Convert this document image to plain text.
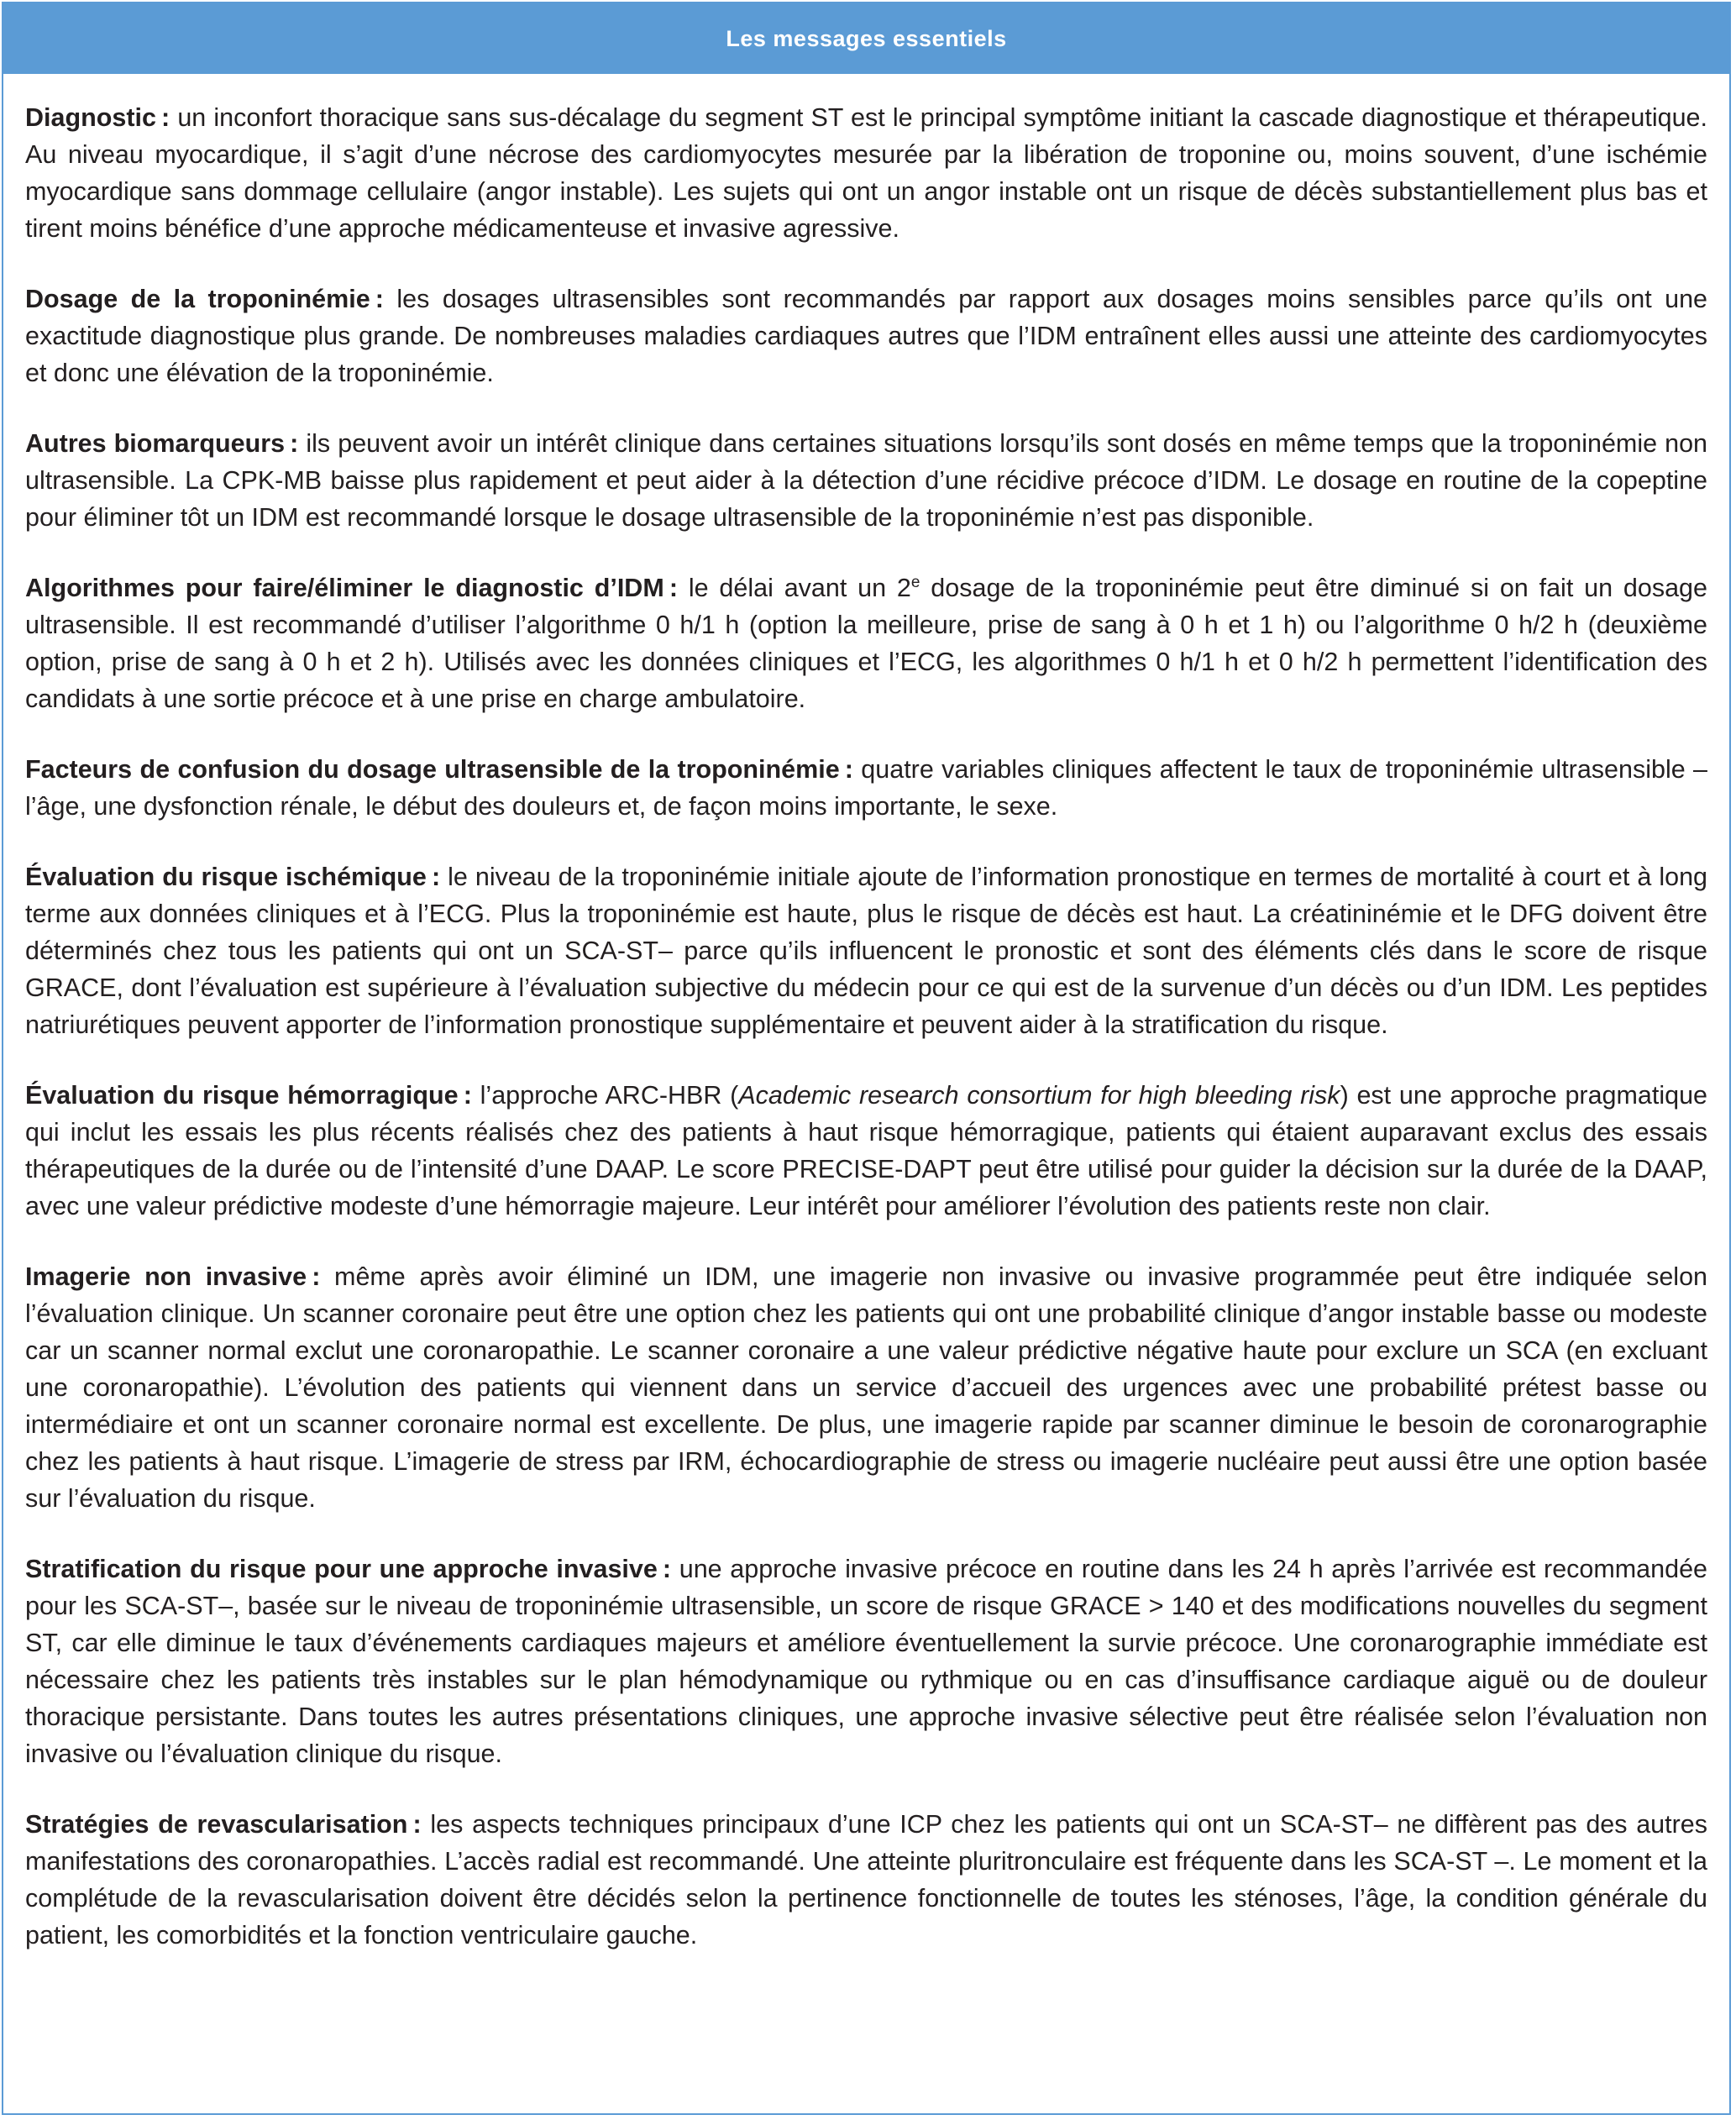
Les messages essentiels

Diagnostic : un inconfort thoracique sans sus-décalage du segment ST est le principal symptôme initiant la cascade diagnostique et thérapeutique. Au niveau myocardique, il s’agit d’une nécrose des cardiomyocytes mesurée par la libération de troponine ou, moins souvent, d’une ischémie myocardique sans dommage cellulaire (angor instable). Les sujets qui ont un angor instable ont un risque de décès substantiellement plus bas et tirent moins bénéfice d’une approche médicamenteuse et invasive agressive.

Dosage de la troponinémie : les dosages ultrasensibles sont recommandés par rapport aux dosages moins sensibles parce qu’ils ont une exactitude diagnostique plus grande. De nombreuses maladies cardiaques autres que l’IDM entraînent elles aussi une atteinte des cardiomyocytes et donc une élévation de la troponinémie.

Autres biomarqueurs : ils peuvent avoir un intérêt clinique dans certaines situations lorsqu’ils sont dosés en même temps que la troponinémie non ultrasensible. La CPK-MB baisse plus rapidement et peut aider à la détection d’une récidive précoce d’IDM. Le dosage en routine de la copeptine pour éliminer tôt un IDM est recommandé lorsque le dosage ultrasensible de la troponinémie n’est pas disponible.

Algorithmes pour faire/éliminer le diagnostic d’IDM : le délai avant un 2e dosage de la troponinémie peut être diminué si on fait un dosage ultrasensible. Il est recommandé d’utiliser l’algorithme 0 h/1 h (option la meilleure, prise de sang à 0 h et 1 h) ou l’algorithme 0 h/2 h (deuxième option, prise de sang à 0 h et 2 h). Utilisés avec les données cliniques et l’ECG, les algorithmes 0 h/1 h et 0 h/2 h permettent l’identification des candidats à une sortie précoce et à une prise en charge ambulatoire.

Facteurs de confusion du dosage ultrasensible de la troponinémie : quatre variables cliniques affectent le taux de troponinémie ultrasensible – l’âge, une dysfonction rénale, le début des douleurs et, de façon moins importante, le sexe.

Évaluation du risque ischémique : le niveau de la troponinémie initiale ajoute de l’information pronostique en termes de mortalité à court et à long terme aux données cliniques et à l’ECG. Plus la troponinémie est haute, plus le risque de décès est haut. La créatininémie et le DFG doivent être déterminés chez tous les patients qui ont un SCA-ST– parce qu’ils influencent le pronostic et sont des éléments clés dans le score de risque GRACE, dont l’évaluation est supérieure à l’évaluation subjective du médecin pour ce qui est de la survenue d’un décès ou d’un IDM. Les peptides natriurétiques peuvent apporter de l’information pronostique supplémentaire et peuvent aider à la stratification du risque.

Évaluation du risque hémorragique : l’approche ARC-HBR (Academic research consortium for high bleeding risk) est une approche pragmatique qui inclut les essais les plus récents réalisés chez des patients à haut risque hémorragique, patients qui étaient auparavant exclus des essais thérapeutiques de la durée ou de l’intensité d’une DAAP. Le score PRECISE-DAPT peut être utilisé pour guider la décision sur la durée de la DAAP, avec une valeur prédictive modeste d’une hémorragie majeure. Leur intérêt pour améliorer l’évolution des patients reste non clair.

Imagerie non invasive : même après avoir éliminé un IDM, une imagerie non invasive ou invasive programmée peut être indiquée selon l’évaluation clinique. Un scanner coronaire peut être une option chez les patients qui ont une probabilité clinique d’angor instable basse ou modeste car un scanner normal exclut une coronaropathie. Le scanner coronaire a une valeur prédictive négative haute pour exclure un SCA (en excluant une coronaropathie). L’évolution des patients qui viennent dans un service d’accueil des urgences avec une probabilité prétest basse ou intermédiaire et ont un scanner coronaire normal est excellente. De plus, une imagerie rapide par scanner diminue le besoin de coronarographie chez les patients à haut risque. L’imagerie de stress par IRM, échocardiographie de stress ou imagerie nucléaire peut aussi être une option basée sur l’évaluation du risque.

Stratification du risque pour une approche invasive : une approche invasive précoce en routine dans les 24 h après l’arrivée est recommandée pour les SCA-ST–, basée sur le niveau de troponinémie ultrasensible, un score de risque GRACE > 140 et des modifications nouvelles du segment ST, car elle diminue le taux d’événements cardiaques majeurs et améliore éventuellement la survie précoce. Une coronarographie immédiate est nécessaire chez les patients très instables sur le plan hémodynamique ou rythmique ou en cas d’insuffisance cardiaque aiguë ou de douleur thoracique persistante. Dans toutes les autres présentations cliniques, une approche invasive sélective peut être réalisée selon l’évaluation non invasive ou l’évaluation clinique du risque.

Stratégies de revascularisation : les aspects techniques principaux d’une ICP chez les patients qui ont un SCA-ST– ne diffèrent pas des autres manifestations des coronaropathies. L’accès radial est recommandé. Une atteinte pluritronculaire est fréquente dans les SCA-ST –. Le moment et la complétude de la revascularisation doivent être décidés selon la pertinence fonctionnelle de toutes les sténoses, l’âge, la condition générale du patient, les comorbidités et la fonction ventriculaire gauche.
